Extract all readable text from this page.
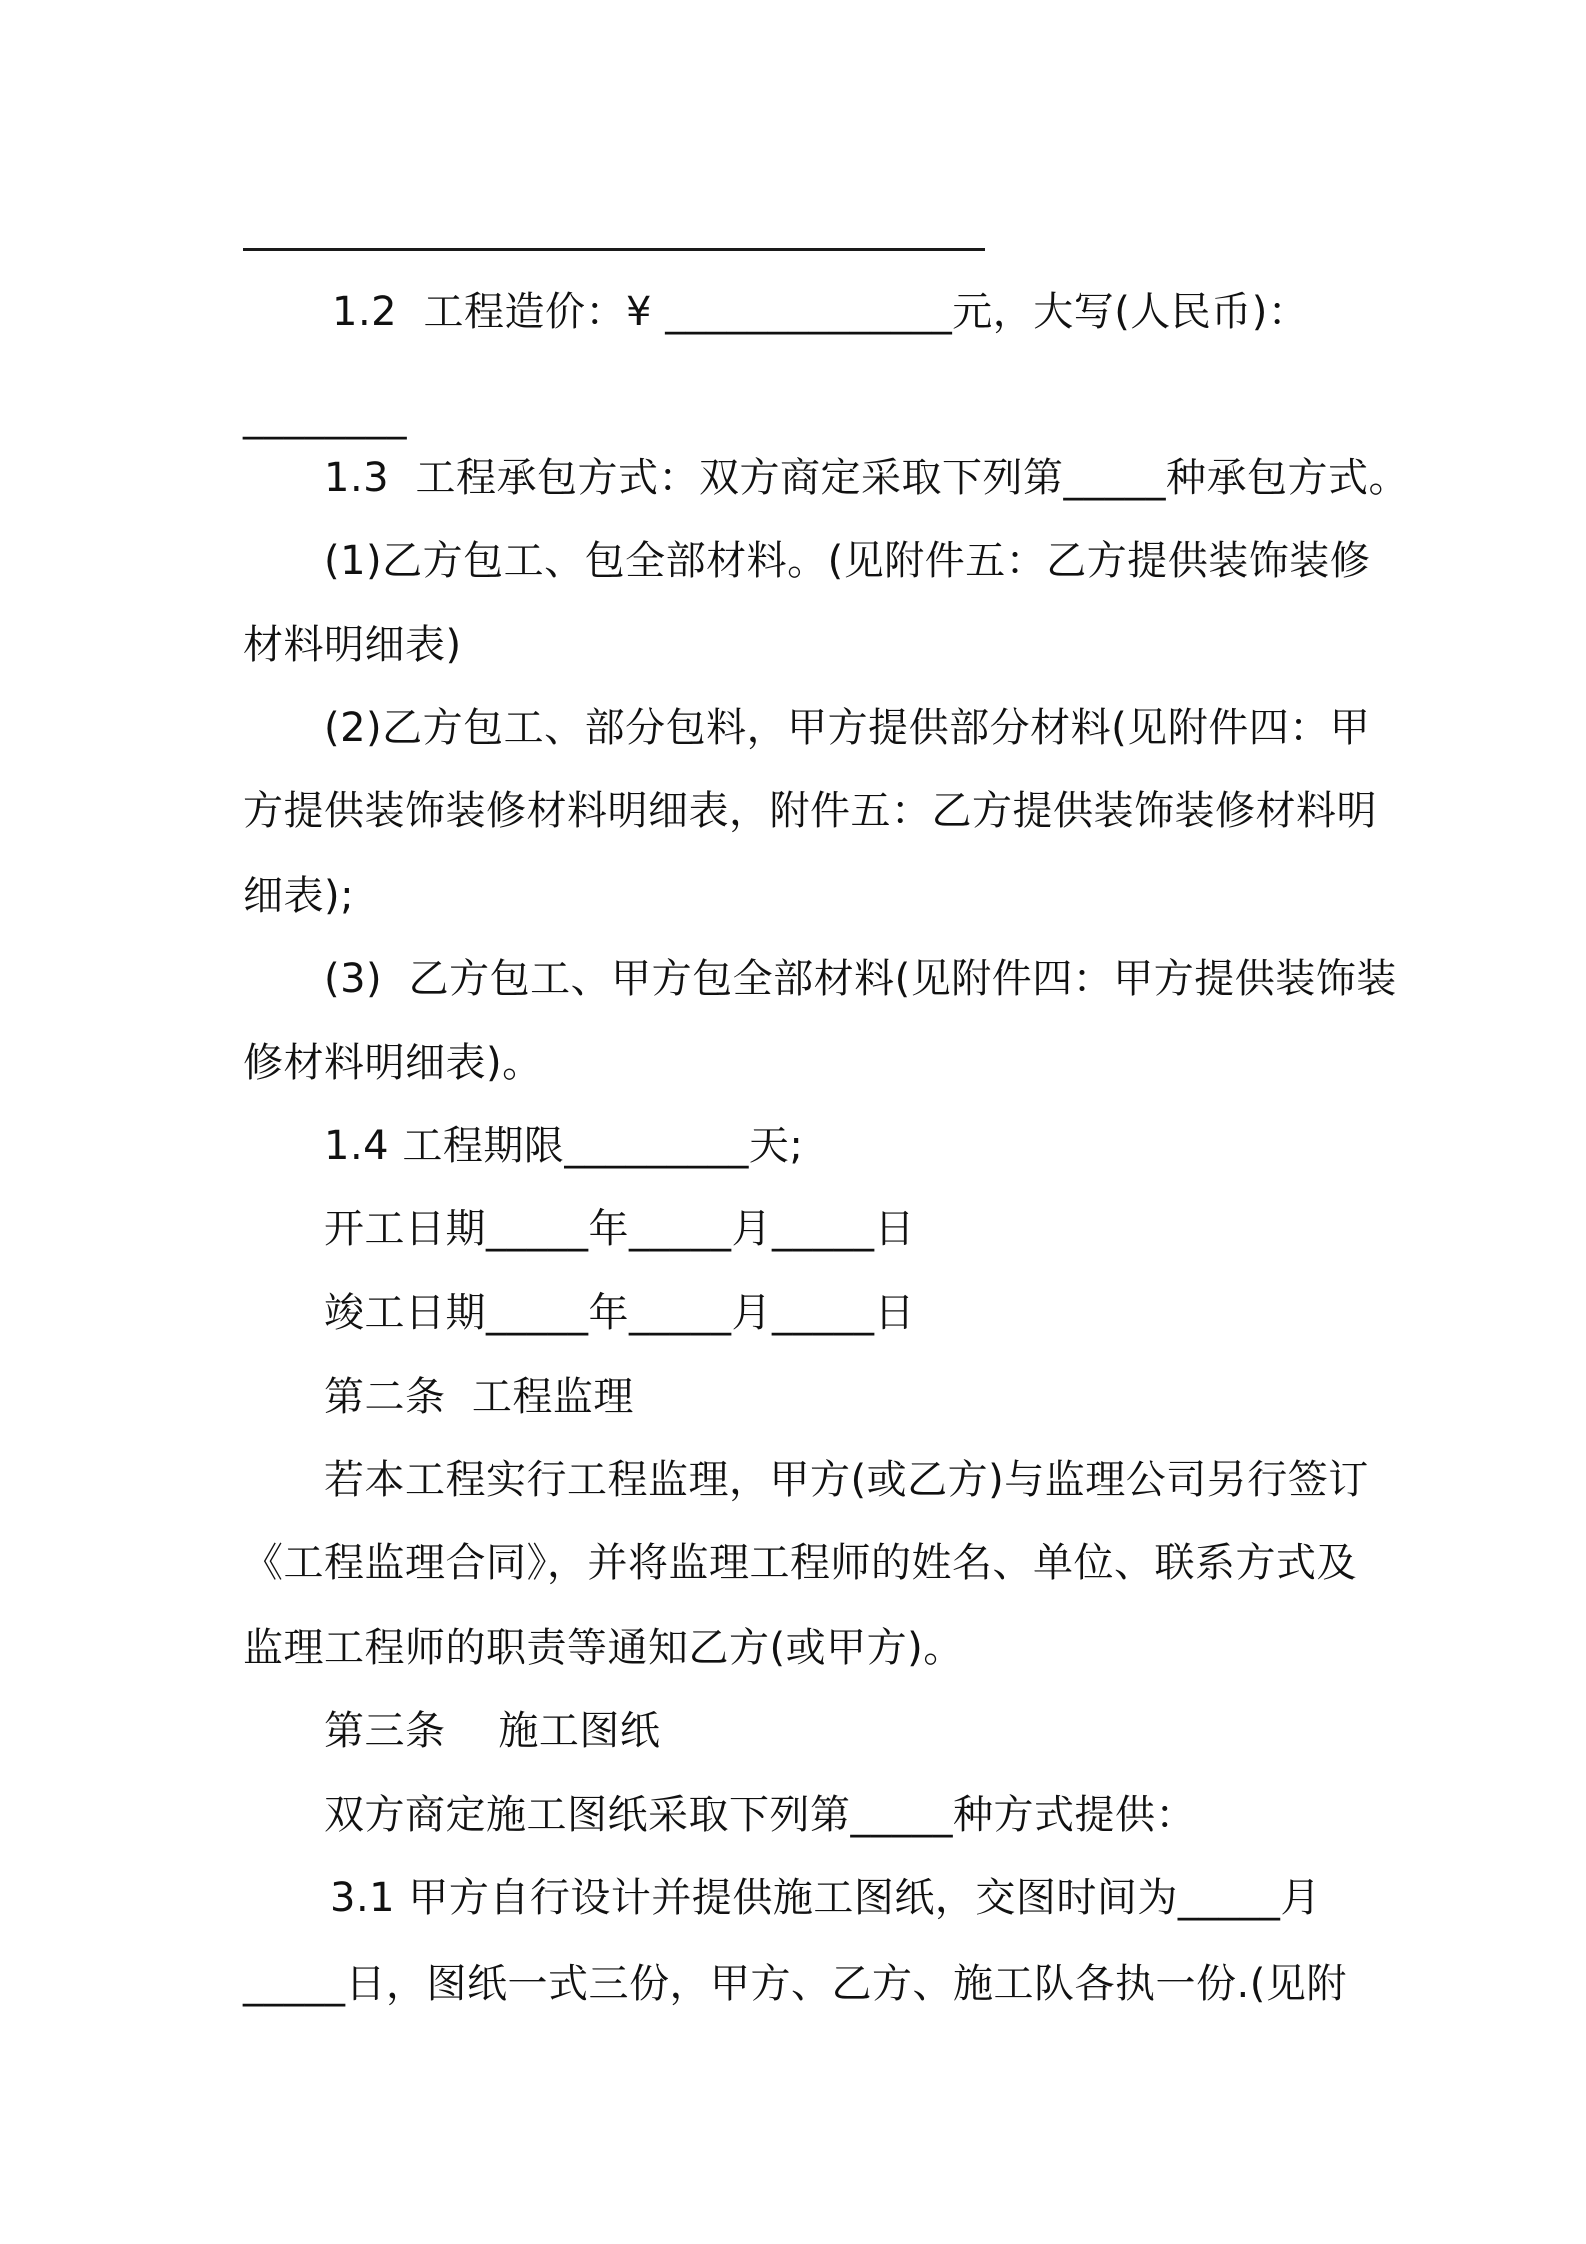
1.2  工程造价：¥ ______________元，大写(人民币)：
________
1.3  工程承包方式：双方商定采取下列第_____种承包方式。
(1)乙方包工、包全部材料。(见附件五：乙方提供装饰装修
材料明细表)
(2)乙方包工、部分包料，甲方提供部分材料(见附件四：甲
方提供装饰装修材料明细表，附件五：乙方提供装饰装修材料明
细表);
(3)  乙方包工、甲方包全部材料(见附件四：甲方提供装饰装
修材料明细表)。
1.4 工程期限_________天;
开工日期_____年_____月_____日
竣工日期_____年_____月_____日
第二条  工程监理
若本工程实行工程监理，甲方(或乙方)与监理公司另行签订
《工程监理合同》，并将监理工程师的姓名、单位、联系方式及
监理工程师的职责等通知乙方(或甲方)。
第三条    施工图纸
双方商定施工图纸采取下列第_____种方式提供：
3.1 甲方自行设计并提供施工图纸，交图时间为_____月
_____日，图纸一式三份，甲方、乙方、施工队各执一份.(见附
